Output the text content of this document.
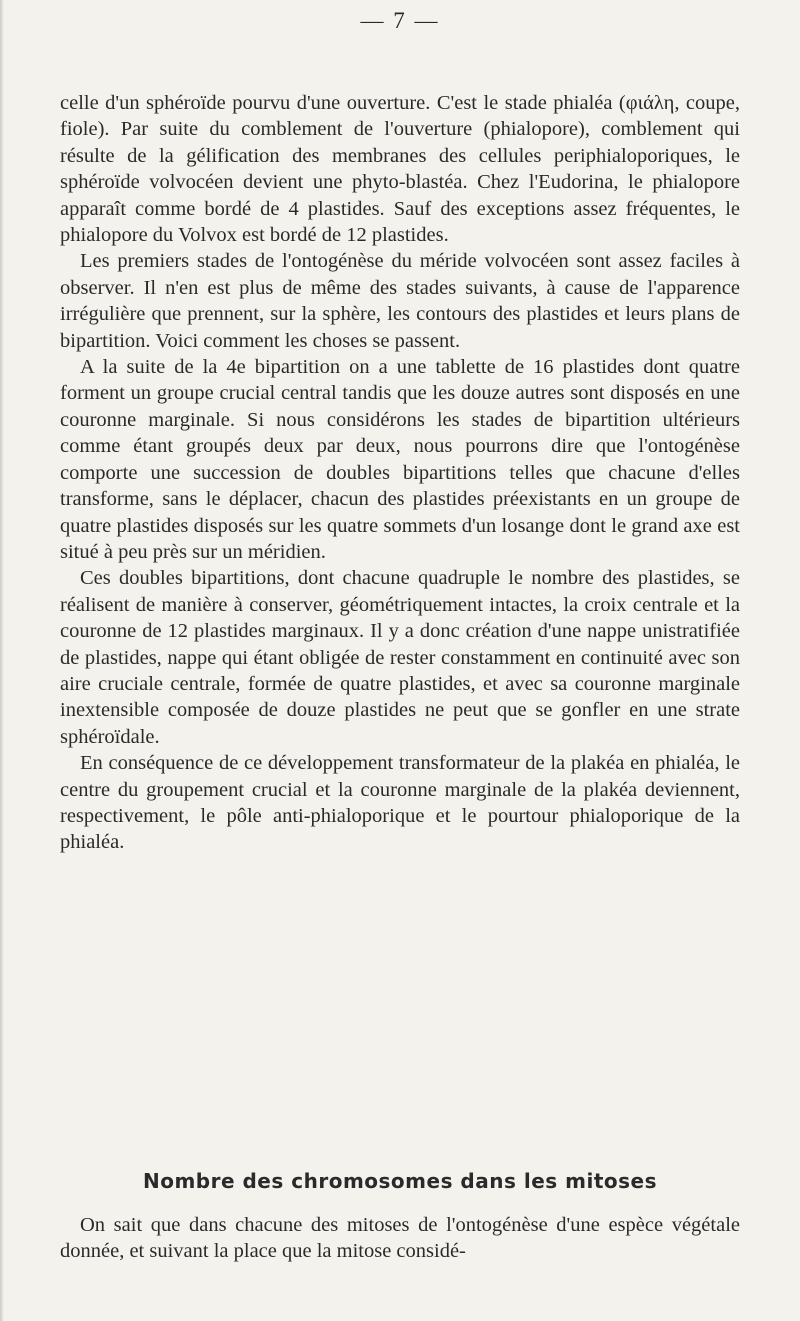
— 7 —

celle d'un sphéroïde pourvu d'une ouverture. C'est le stade phialéa (φιάλη, coupe, fiole). Par suite du comblement de l'ouverture (phialopore), comblement qui résulte de la gélification des membranes des cellules periphialoporiques, le sphéroïde volvocéen devient une phyto-blastéa. Chez l'Eudorina, le phialopore apparaît comme bordé de 4 plastides. Sauf des exceptions assez fréquentes, le phialopore du Volvox est bordé de 12 plastides.

Les premiers stades de l'ontogénèse du méride volvocéen sont assez faciles à observer. Il n'en est plus de même des stades suivants, à cause de l'apparence irrégulière que prennent, sur la sphère, les contours des plastides et leurs plans de bipartition. Voici comment les choses se passent.

A la suite de la 4e bipartition on a une tablette de 16 plastides dont quatre forment un groupe crucial central tandis que les douze autres sont disposés en une couronne marginale. Si nous considérons les stades de bipartition ultérieurs comme étant groupés deux par deux, nous pourrons dire que l'ontogénèse comporte une succession de doubles bipartitions telles que chacune d'elles transforme, sans le déplacer, chacun des plastides préexistants en un groupe de quatre plastides disposés sur les quatre sommets d'un losange dont le grand axe est situé à peu près sur un méridien.

Ces doubles bipartitions, dont chacune quadruple le nombre des plastides, se réalisent de manière à conserver, géométriquement intactes, la croix centrale et la couronne de 12 plastides marginaux. Il y a donc création d'une nappe unistratifiée de plastides, nappe qui étant obligée de rester constamment en continuité avec son aire cruciale centrale, formée de quatre plastides, et avec sa couronne marginale inextensible composée de douze plastides ne peut que se gonfler en une strate sphéroïdale.

En conséquence de ce développement transformateur de la plakéa en phialéa, le centre du groupement crucial et la couronne marginale de la plakéa deviennent, respectivement, le pôle anti-phialoporique et le pourtour phialoporique de la phialéa.

Nombre des chromosomes dans les mitoses

On sait que dans chacune des mitoses de l'ontogénèse d'une espèce végétale donnée, et suivant la place que la mitose considé-
